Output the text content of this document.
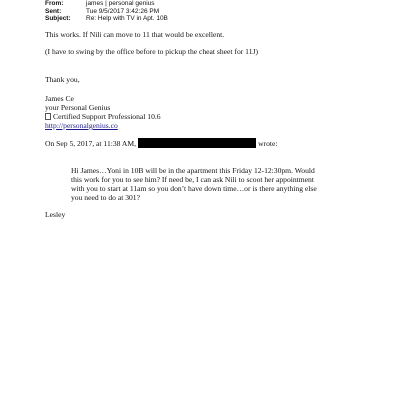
From:	james | personal genius
Sent:	Tue 9/5/2017 3:42:26 PM
Subject:	Re: Help with TV in Apt. 10B
This works. If Nili can move to 11 that would be excellent.
(I have to swing by the office before to pickup the cheat sheet for 11J)
Thank you,
James Ce
your Personal Genius
Certified Support Professional 10.6
http://personalgenius.co
On Sep 5, 2017, at 11:38 AM,	wrote:
Hi James…Yoni in 10B will be in the apartment this Friday 12-12:30pm. Would
this work for you to see him? If need be, I can ask Nili to scoot her appointment
with you to start at 11am so you don’t have down time…or is there anything else
you need to do at 301?
Lesley
